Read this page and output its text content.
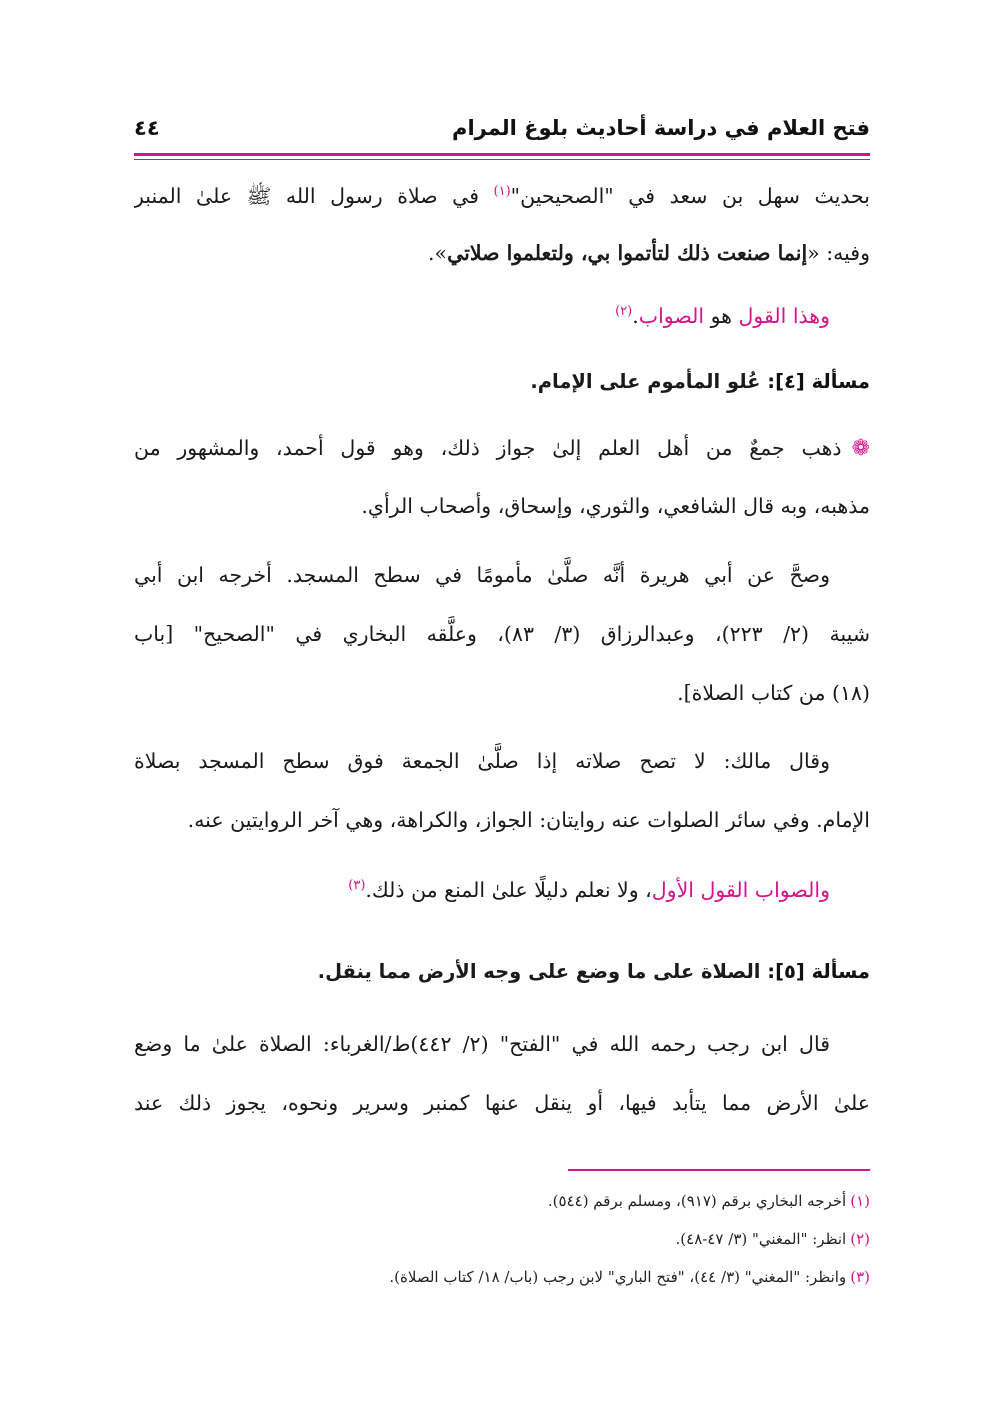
فتح العلام في دراسة أحاديث بلوغ المرام
٤٤
بحديث سهل بن سعد في "الصحيحين"$^{(١)}$ في صلاة رسول الله ﷺ علىٰ المنبر
وفيه: «إنما صنعت ذلك لتأتموا بي، ولتعلموا صلاتي».
وهذا القول هو الصواب.$^{(٢)}$
مسألة [٤]: عُلو المأموم على الإمام.
❁ذهب جمعٌ من أهل العلم إلىٰ جواز ذلك، وهو قول أحمد، والمشهور من
مذهبه، وبه قال الشافعي، والثوري، وإسحاق، وأصحاب الرأي.
وصحَّ عن أبي هريرة أنَّه صلَّىٰ مأمومًا في سطح المسجد. أخرجه ابن أبي
شيبة (٢/ ٢٢٣)، وعبدالرزاق (٣/ ٨٣)، وعلَّقه البخاري في "الصحيح" [باب
(١٨) من كتاب الصلاة].
وقال مالك: لا تصح صلاته إذا صلَّىٰ الجمعة فوق سطح المسجد بصلاة
الإمام. وفي سائر الصلوات عنه روايتان: الجواز، والكراهة، وهي آخر الروايتين عنه.
والصواب القول الأول، ولا نعلم دليلًا علىٰ المنع من ذلك.$^{(٣)}$
مسألة [٥]: الصلاة على ما وضع على وجه الأرض مما ينقل.
قال ابن رجب رحمه الله في "الفتح" (٢/ ٤٤٢)ط/الغرباء: الصلاة علىٰ ما وضع
علىٰ الأرض مما يتأبد فيها، أو ينقل عنها كمنبر وسرير ونحوه، يجوز ذلك عند
(١)أخرجه البخاري برقم (٩١٧)، ومسلم برقم (٥٤٤).
(٢)انظر: "المغني" (٣/ ٤٧-٤٨).
(٣)وانظر: "المغني" (٣/ ٤٤)، "فتح الباري" لابن رجب (باب/ ١٨/ كتاب الصلاة).
